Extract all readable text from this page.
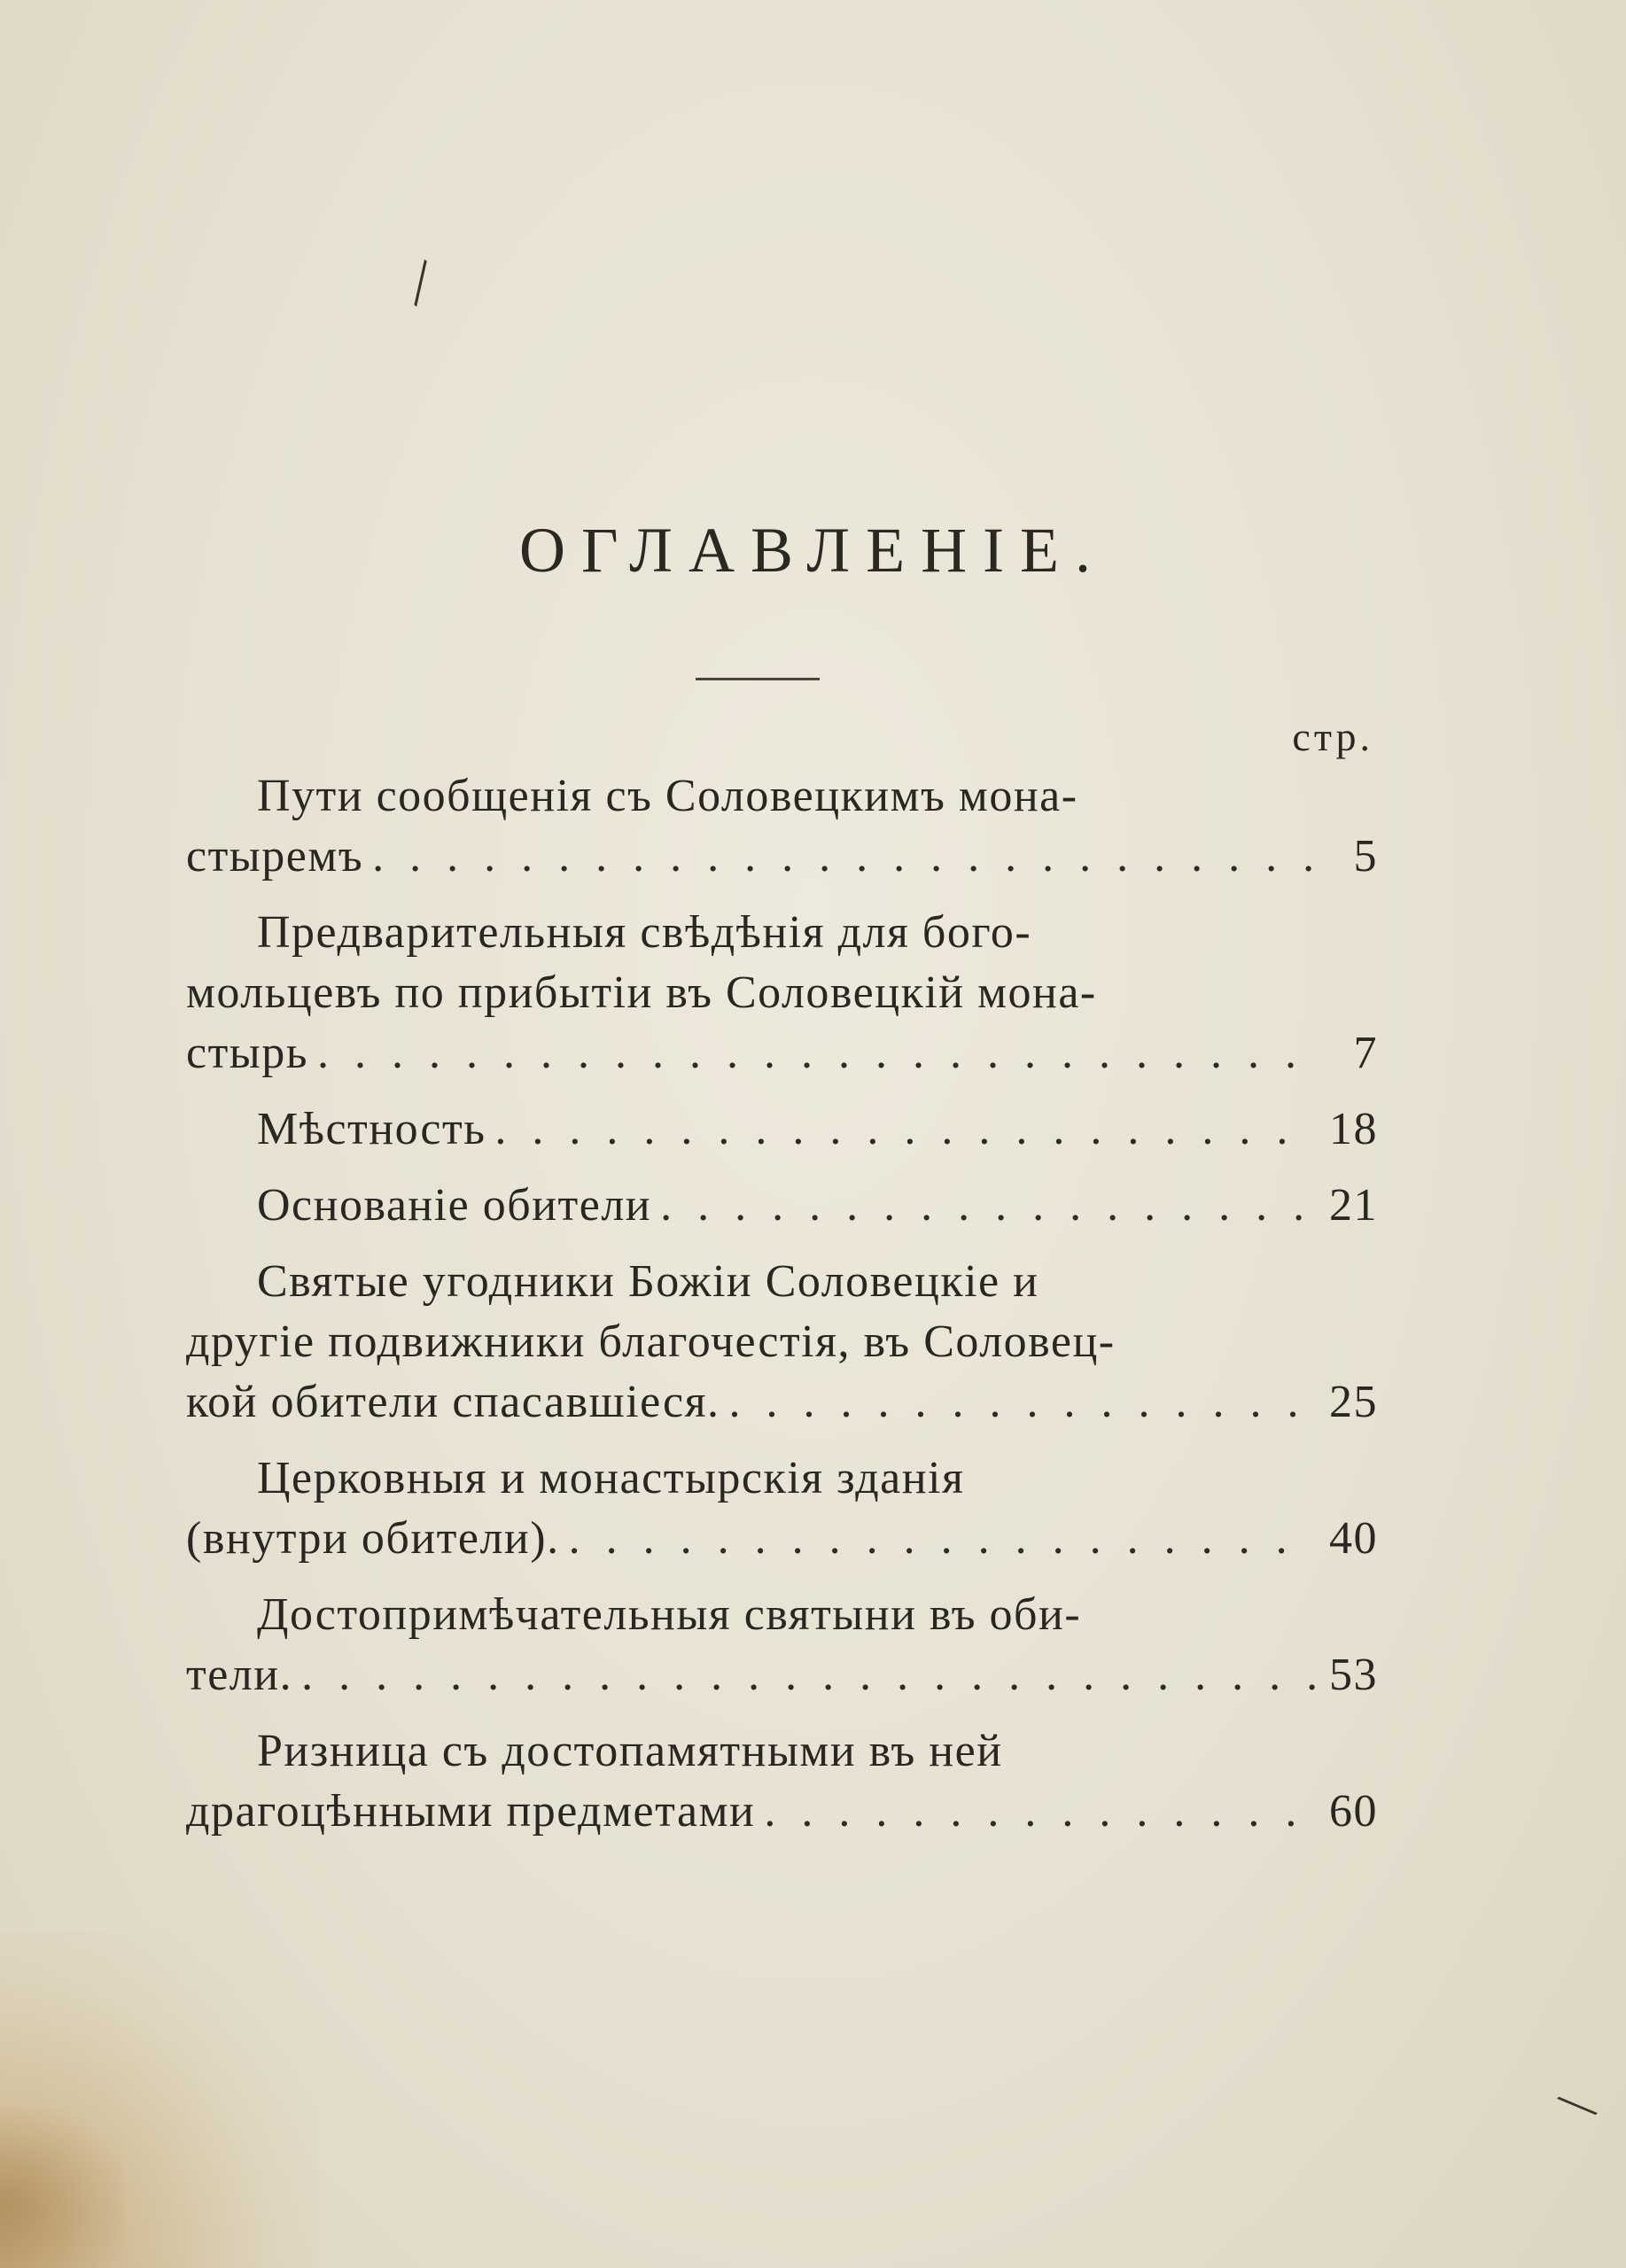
╲
╲
ОГЛАВЛЕНІЕ.
стр.
Пути сообщенія съ Соловецкимъ мона-
стыремъ . . .	5
Предварительныя свѣдѣнія для бого-
мольцевъ по прибытіи въ Соловецкій мона-
стырь . . .	7
Мѣстность . . .	18
Основаніе обители . . .	21
Святые угодники Божіи Соловецкіе и
другіе подвижники благочестія, въ Соловец-
кой обители спасавшіеся. . . .	25
Церковныя и монастырскія зданія
(внутри обители). . . .	40
Достопримѣчательныя святыни въ оби-
тели. . . .	53
Ризница съ достопамятными въ ней
драгоцѣнными предметами . . .	60
